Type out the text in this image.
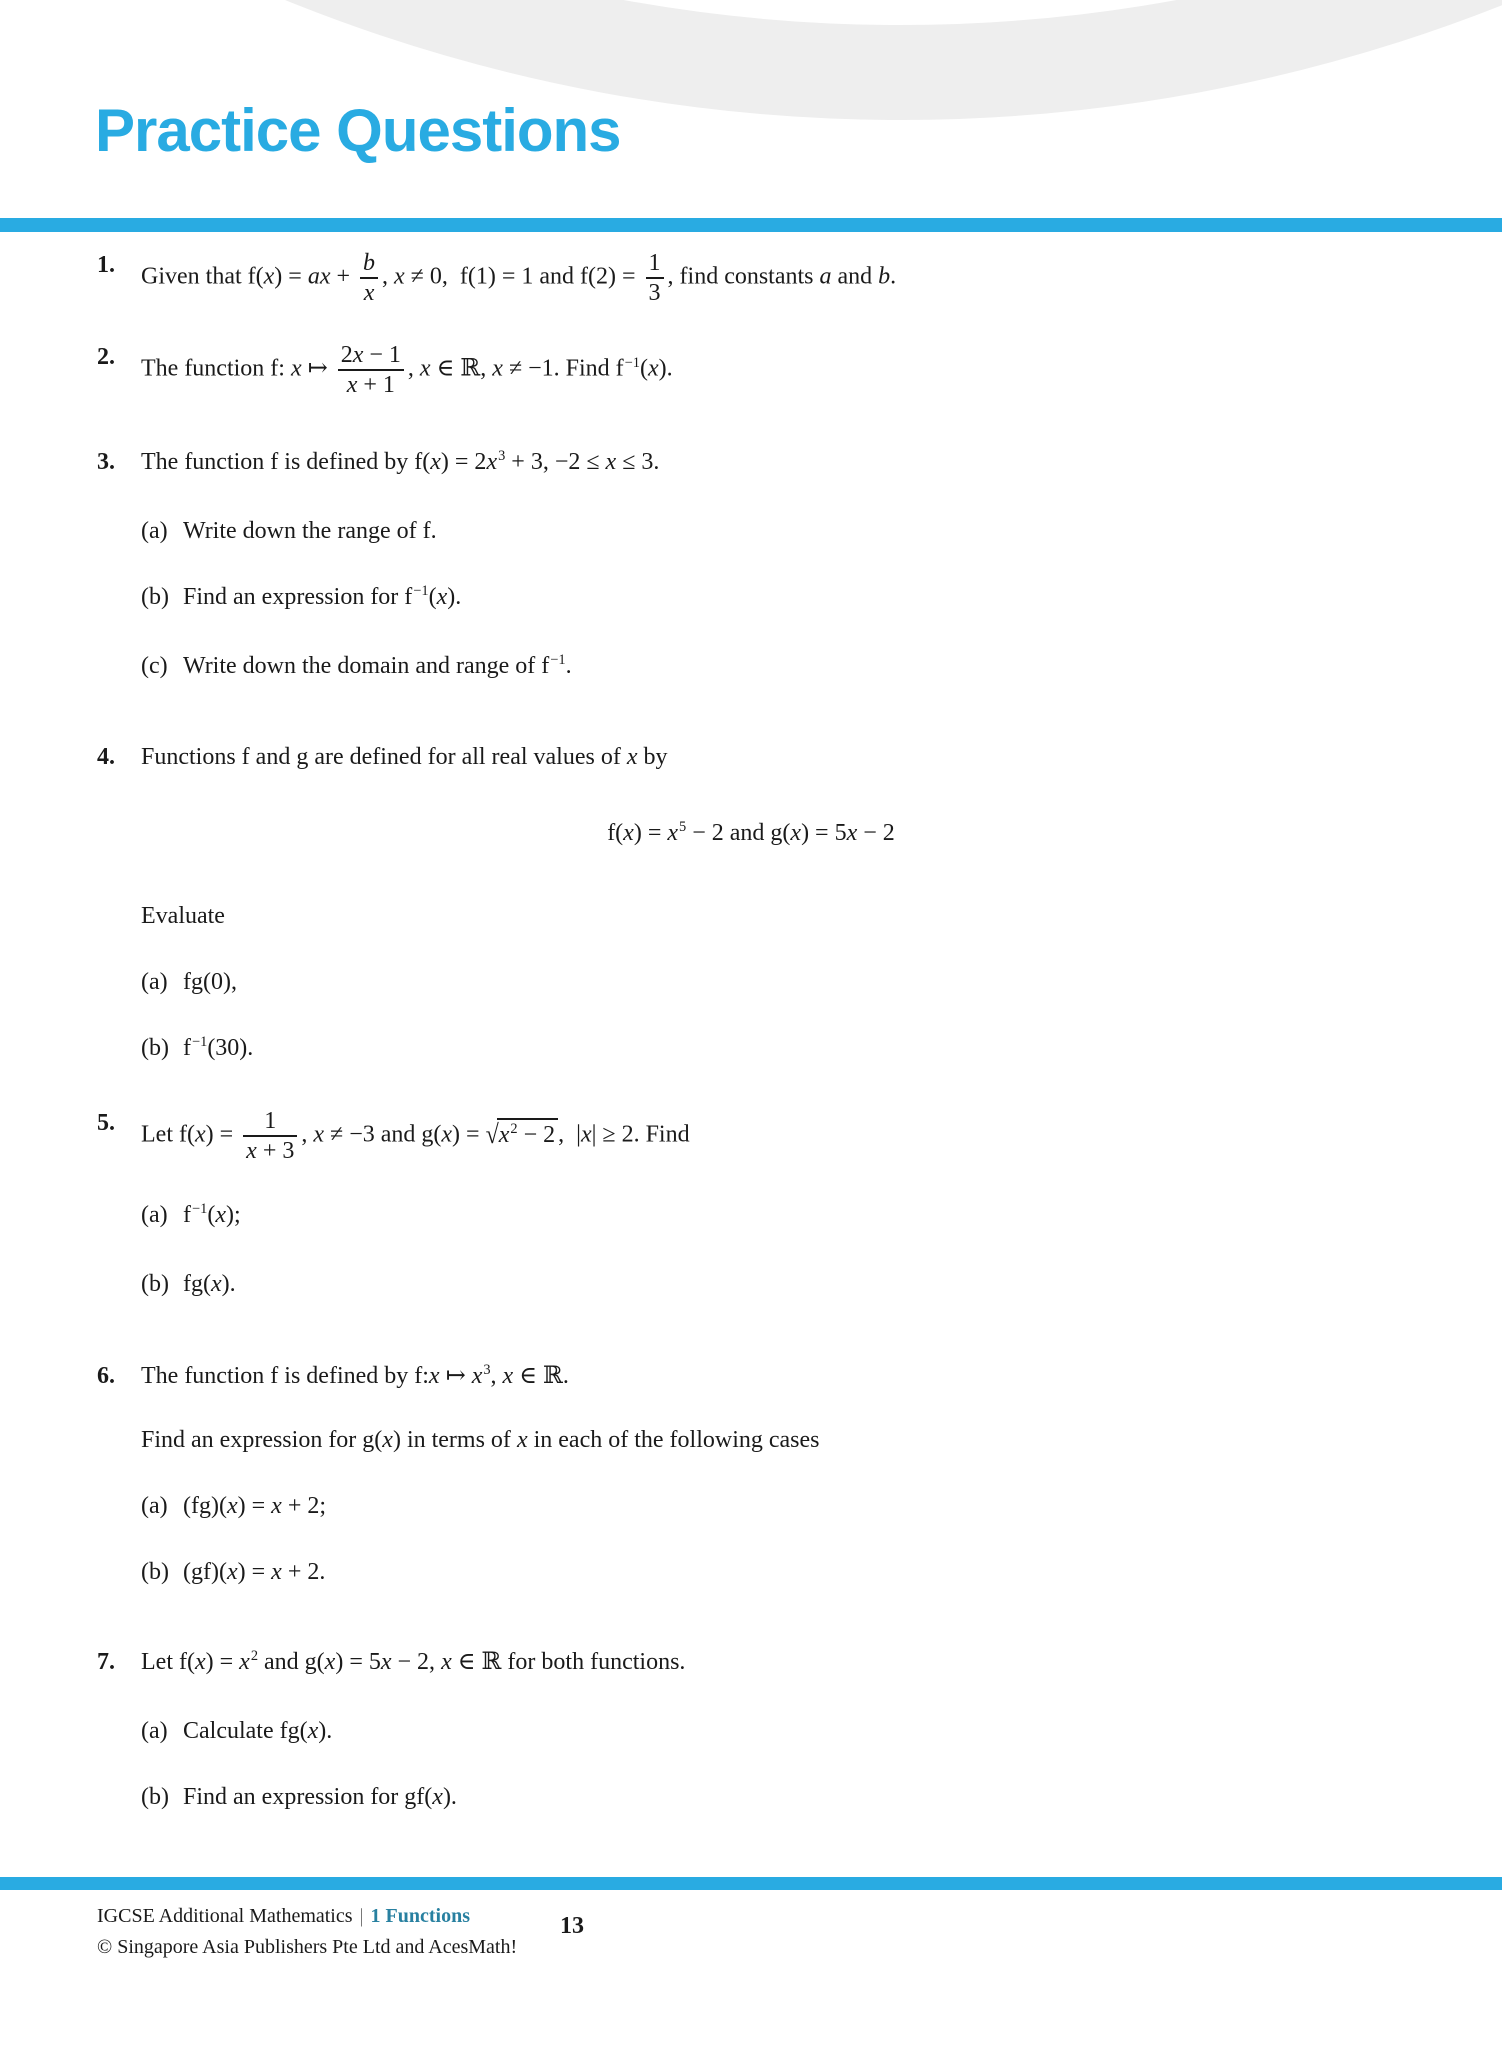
Practice Questions
1.	Given that f(x) = ax + $\frac{b}{x}$ , x ≠ 0,  f(1) = 1 and $f(2) = \frac{1}{3}$ , find constants a and b.
2.	The function f: x ↦ $\frac{2x - 1}{x + 1}$ , x ∈ ℝ, x ≠ −1. Find $f^{-1}(x)$.
3.	The function f is defined by $f(x) = 2x^3 + 3$, −2 ≤ x ≤ 3.
(a) Write down the range of f.
(b) Find an expression for $f^{-1}(x)$.
(c) Write down the domain and range of $f^{-1}$.
4.	Functions f and g are defined for all real values of x by
$f(x) = x^5 - 2$ and g(x) = 5x − 2
Evaluate
(a) fg(0),
(b) $f^{-1}(30)$.
5.	Let $f(x) = \frac{1}{x + 3}$ , x ≠ −3 and $g(x) = √x^2 - 2$ ,  |x| ≥ 2. Find
(a) $f^{-1}(x)$;
(b) fg(x).
6.	The function f is defined by f:x ↦ $x^3$, x ∈ ℝ.
Find an expression for g(x) in terms of x in each of the following cases
(a) (fg)(x) = x + 2;
(b) (gf)(x) = x + 2.
7.	Let $f(x) = x^2$ and g(x) = 5x − 2, x ∈ ℝ for both functions.
(a) Calculate fg(x).
(b) Find an expression for gf(x).
IGCSE Additional Mathematics | 1 Functions
© Singapore Asia Publishers Pte Ltd and AcesMath!
13
